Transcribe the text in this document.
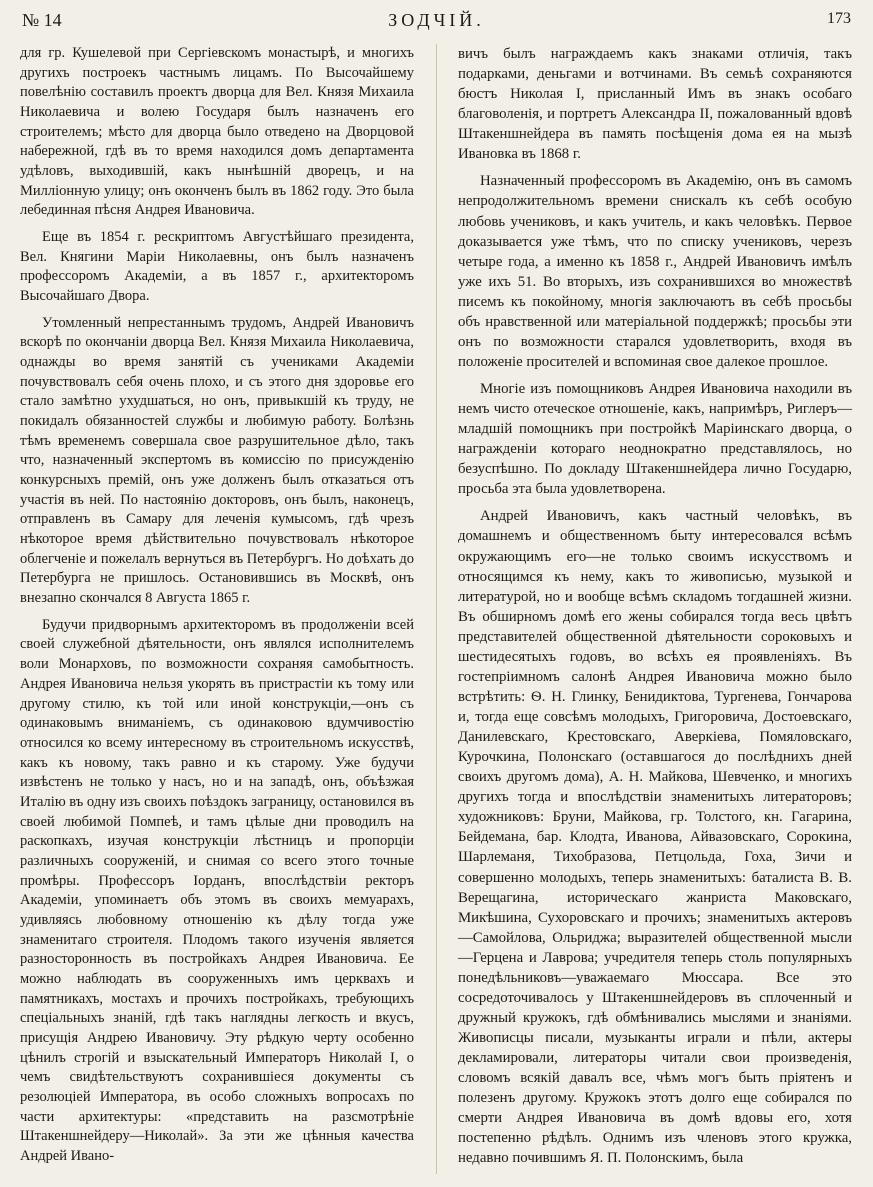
№ 14	ЗОДЧІЙ.	173

для гр. Кушелевой при Сергіевскомъ монастырѣ, и многихъ другихъ построекъ частнымъ лицамъ. По Высочайшему повелѣнію составилъ проектъ дворца для Вел. Князя Михаила Николаевича и волею Государя былъ назначенъ его строителемъ; мѣсто для дворца было отведено на Дворцовой набережной, гдѣ въ то время находился домъ департамента удѣловъ, выходившій, какъ нынѣшній дворецъ, и на Миллiонную улицу; онъ оконченъ былъ въ 1862 году. Это была лебединная пѣсня Андрея Ивановича.

Еще въ 1854 г. рескриптомъ Августѣйшаго президента, Вел. Княгини Маріи Николаевны, онъ былъ назначенъ профессоромъ Академіи, а въ 1857 г., архитекторомъ Высочайшаго Двора.

Утомленный непрестаннымъ трудомъ, Андрей Ивановичъ вскорѣ по окончаніи дворца Вел. Князя Михаила Николаевича, однажды во время занятій съ учениками Академіи почувствовалъ себя очень плохо, и съ этого дня здоровье его стало замѣтно ухудшаться, но онъ, привыкшій къ труду, не покидалъ обязанностей службы и любимую работу. Болѣзнь тѣмъ временемъ совершала свое разрушительное дѣло, такъ что, назначенный экспертомъ въ комиссію по присужденію конкурсныхъ премій, онъ уже долженъ былъ отказаться отъ участія въ ней. По настоянію докторовъ, онъ былъ, наконецъ, отправленъ въ Самару для леченія кумысомъ, гдѣ чрезъ нѣкоторое время дѣйствительно почувствовалъ нѣкоторое облегченіе и пожелалъ вернуться въ Петербургъ. Но доѣхать до Петербурга не пришлось. Остановившись въ Москвѣ, онъ внезапно скончался 8 Августа 1865 г.

Будучи придворнымъ архитекторомъ въ продолженіи всей своей служебной дѣятельности, онъ являлся исполнителемъ воли Монарховъ, по возможности сохраняя самобытность. Андрея Ивановича нельзя укорять въ пристрастіи къ тому или другому стилю, къ той или иной конструкціи,—онъ съ одинаковымъ вниманіемъ, съ одинаковою вдумчивостію относился ко всему интересному въ строительномъ искусствѣ, какъ къ новому, такъ равно и къ старому. Уже будучи извѣстенъ не только у насъ, но и на западѣ, онъ, объѣзжая Италію въ одну изъ своихъ поѣздокъ заграницу, остановился въ своей любимой Помпеѣ, и тамъ цѣлые дни проводилъ на раскопкахъ, изучая конструкціи лѣстницъ и пропорціи различныхъ сооруженій, и снимая со всего этого точные промѣры. Профессоръ Іорданъ, впослѣдствіи ректоръ Академіи, упоминаетъ объ этомъ въ своихъ мемуарахъ, удивляясь любовному отношенію къ дѣлу тогда уже знаменитаго строителя. Плодомъ такого изученія является разносторонность въ постройкахъ Андрея Ивановича. Ее можно наблюдать въ сооруженныхъ имъ церквахъ и памятникахъ, мостахъ и прочихъ постройкахъ, требующихъ спеціальныхъ знаній, гдѣ такъ наглядны легкость и вкусъ, присущія Андрею Ивановичу. Эту рѣдкую черту особенно цѣнилъ строгій и взыскательный Императоръ Николай I, о чемъ свидѣтельствуютъ сохранившіеся документы съ резолюціей Императора, въ особо сложныхъ вопросахъ по части архитектуры: «представить на разсмотрѣніе Штакеншнейдеру—Николай». За эти же цѣнныя качества Андрей Ивано-

вичъ былъ награждаемъ какъ знаками отличія, такъ подарками, деньгами и вотчинами. Въ семьѣ сохраняются бюстъ Николая I, присланный Имъ въ знакъ особаго благоволенія, и портретъ Александра II, пожалованный вдовѣ Штакеншнейдера въ память посѣщенія дома ея на мызѣ Ивановка въ 1868 г.

Назначенный профессоромъ въ Академію, онъ въ самомъ непродолжительномъ времени снискалъ къ себѣ особую любовь учениковъ, и какъ учитель, и какъ человѣкъ. Первое доказывается уже тѣмъ, что по списку учениковъ, черезъ четыре года, а именно къ 1858 г., Андрей Ивановичъ имѣлъ уже ихъ 51. Во вторыхъ, изъ сохранившихся во множествѣ писемъ къ покойному, многія заключаютъ въ себѣ просьбы объ нравственной или матеріальной поддержкѣ; просьбы эти онъ по возможности старался удовлетворить, входя въ положеніе просителей и вспоминая свое далекое прошлое.

Многіе изъ помощниковъ Андрея Ивановича находили въ немъ чисто отеческое отношеніе, какъ, напримѣръ, Риглеръ—младшій помощникъ при постройкѣ Маріинскаго дворца, о награжденіи котораго неоднократно представлялось, но безуспѣшно. По докладу Штакеншнейдера лично Государю, просьба эта была удовлетворена.

Андрей Ивановичъ, какъ частный человѣкъ, въ домашнемъ и общественномъ быту интересовался всѣмъ окружающимъ его—не только своимъ искусствомъ и относящимся къ нему, какъ то живописью, музыкой и литературой, но и вообще всѣмъ складомъ тогдашней жизни. Въ обширномъ домѣ его жены собирался тогда весь цвѣтъ представителей общественной дѣятельности сороковыхъ и шестидесятыхъ годовъ, во всѣхъ ея проявленіяхъ. Въ гостепріимномъ салонѣ Андрея Ивановича можно было встрѣтить: Ѳ. Н. Глинку, Бенидиктова, Тургенева, Гончарова и, тогда еще совсѣмъ молодыхъ, Григоровича, Достоевскаго, Данилевскаго, Крестовскаго, Аверкіева, Помяловскаго, Курочкина, Полонскаго (оставшагося до послѣднихъ дней своихъ другомъ дома), А. Н. Майкова, Шевченко, и многихъ другихъ тогда и впослѣдствіи знаменитыхъ литераторовъ; художниковъ: Бруни, Майкова, гр. Толстого, кн. Гагарина, Бейдемана, бар. Клодта, Иванова, Айвазовскаго, Сорокина, Шарлеманя, Тихобразова, Петцольда, Гоха, Зичи и совершенно молодыхъ, теперь знаменитыхъ: баталиста В. В. Верещагина, историческаго жанриста Маковскаго, Микѣшина, Сухоровскаго и прочихъ; знаменитыхъ актеровъ—Самойлова, Ольриджа; выразителей общественной мысли—Герцена и Лаврова; учредителя теперь столь популярныхъ понедѣльниковъ—уважаемаго Мюссара. Все это сосредоточивалось у Штакеншнейдеровъ въ сплоченный и дружный кружокъ, гдѣ обмѣнивались мыслями и знаніями. Живописцы писали, музыканты играли и пѣли, актеры декламировали, литераторы читали свои произведенія, словомъ всякій давалъ все, чѣмъ могъ быть пріятенъ и полезенъ другому. Кружокъ этотъ долго еще собирался по смерти Андрея Ивановича въ домѣ вдовы его, хотя постепенно рѣдѣлъ. Однимъ изъ членовъ этого кружка, недавно почившимъ Я. П. Полонскимъ, была
